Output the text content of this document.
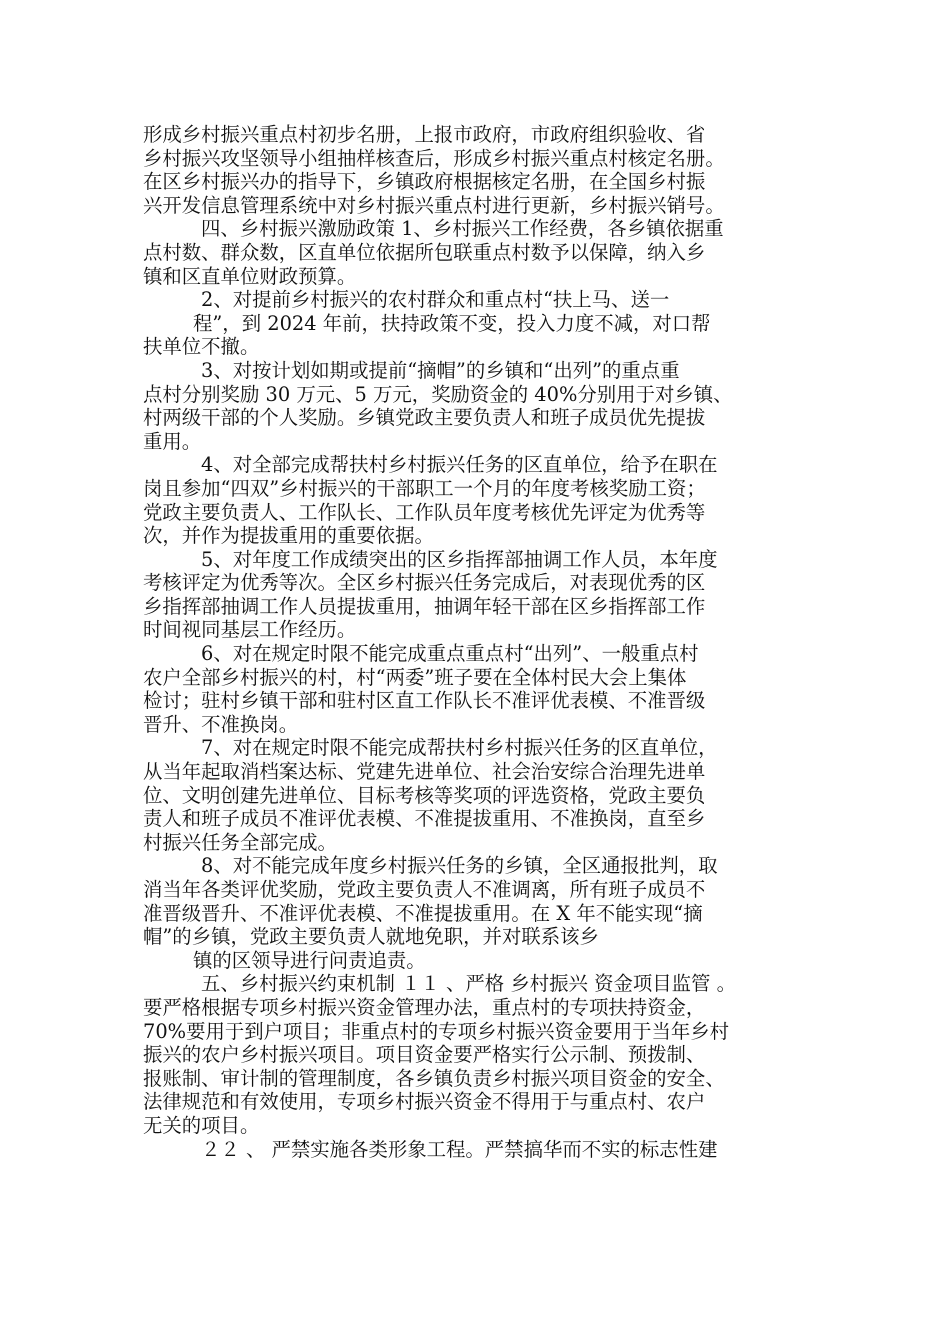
形成乡村振兴重点村初步名册，上报市政府，市政府组织验收、省
乡村振兴攻坚领导小组抽样核查后，形成乡村振兴重点村核定名册。
在区乡村振兴办的指导下，乡镇政府根据核定名册，在全国乡村振
兴开发信息管理系统中对乡村振兴重点村进行更新，乡村振兴销号。
四、乡村振兴激励政策 1、乡村振兴工作经费，各乡镇依据重
点村数、群众数，区直单位依据所包联重点村数予以保障，纳入乡
镇和区直单位财政预算。
2、对提前乡村振兴的农村群众和重点村“扶上马、送一
程”，到 2024 年前，扶持政策不变，投入力度不减，对口帮
扶单位不撤。
3、对按计划如期或提前“摘帽”的乡镇和“出列”的重点重
点村分别奖励 30 万元、5 万元，奖励资金的 40%分别用于对乡镇、
村两级干部的个人奖励。乡镇党政主要负责人和班子成员优先提拔
重用。
4、对全部完成帮扶村乡村振兴任务的区直单位，给予在职在
岗且参加“四双”乡村振兴的干部职工一个月的年度考核奖励工资；
党政主要负责人、工作队长、工作队员年度考核优先评定为优秀等
次，并作为提拔重用的重要依据。
5、对年度工作成绩突出的区乡指挥部抽调工作人员，本年度
考核评定为优秀等次。全区乡村振兴任务完成后，对表现优秀的区
乡指挥部抽调工作人员提拔重用，抽调年轻干部在区乡指挥部工作
时间视同基层工作经历。
6、对在规定时限不能完成重点重点村“出列”、一般重点村
农户全部乡村振兴的村，村“两委”班子要在全体村民大会上集体
检讨；驻村乡镇干部和驻村区直工作队长不准评优表模、不准晋级
晋升、不准换岗。
7、对在规定时限不能完成帮扶村乡村振兴任务的区直单位，
从当年起取消档案达标、党建先进单位、社会治安综合治理先进单
位、文明创建先进单位、目标考核等奖项的评选资格，党政主要负
责人和班子成员不准评优表模、不准提拔重用、不准换岗，直至乡
村振兴任务全部完成。
8、对不能完成年度乡村振兴任务的乡镇，全区通报批判，取
消当年各类评优奖励，党政主要负责人不准调离，所有班子成员不
准晋级晋升、不准评优表模、不准提拔重用。在 X 年不能实现“摘
帽”的乡镇，党政主要负责人就地免职，并对联系该乡
镇的区领导进行问责追责。
五、乡村振兴约束机制 １１ 、严格 乡村振兴 资金项目监管 。
要严格根据专项乡村振兴资金管理办法，重点村的专项扶持资金，
70%要用于到户项目；非重点村的专项乡村振兴资金要用于当年乡村
振兴的农户乡村振兴项目。项目资金要严格实行公示制、预拨制、
报账制、审计制的管理制度，各乡镇负责乡村振兴项目资金的安全、
法律规范和有效使用，专项乡村振兴资金不得用于与重点村、农户
无关的项目。
２２ 、 严禁实施各类形象工程。严禁搞华而不实的标志性建
